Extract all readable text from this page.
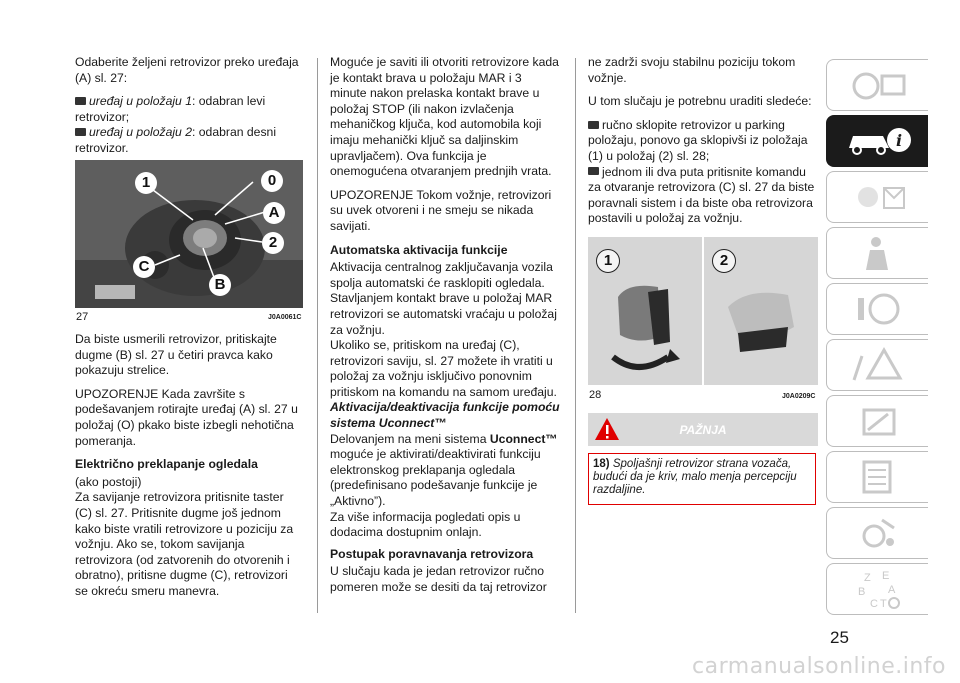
Odaberite željeni retrovizor preko uređaja (A) sl. 27:

uređaj u položaju 1: odabran levi retrovizor;

uređaj u položaju 2: odabran desni retrovizor.

1	0
A
2
C
B
27	J0A0061C

Da biste usmerili retrovizor, pritiskajte dugme (B) sl. 27 u četiri pravca kako pokazuju strelice.

UPOZORENJE Kada završite s podešavanjem rotirajte uređaj (A) sl. 27 u položaj (O) pkako biste izbegli nehotična pomeranja.

Električno preklapanje ogledala

(ako postoji)

Za savijanje retrovizora pritisnite taster (C) sl. 27. Pritisnite dugme još jednom kako biste vratili retrovizore u poziciju za vožnju. Ako se, tokom savijanja retrovizora (od zatvorenih do otvorenih i obratno), pritisne dugme (C), retrovizori se okreću smeru manevra.

Moguće je saviti ili otvoriti retrovizore kada je kontakt brava u položaju MAR i 3 minute nakon prelaska kontakt brave u položaj STOP (ili nakon izvlačenja mehaničkog ključa, kod automobila koji imaju mehanički ključ sa daljinskim upravljačem). Ova funkcija je onemogućena otvaranjem prednjih vrata.

UPOZORENJE Tokom vožnje, retrovizori su uvek otvoreni i ne smeju se nikada savijati.

Automatska aktivacija funkcije

Aktivacija centralnog zaključavanja vozila spolja automatski će rasklopiti ogledala.

Stavljanjem kontakt brave u položaj MAR retrovizori se automatski vraćaju u položaj za vožnju.

Ukoliko se, pritiskom na uređaj (C), retrovizori saviju, sl. 27 možete ih vratiti u položaj za vožnju isključivo ponovnim pritiskom na komandu na samom uređaju.

Aktivacija/deaktivacija funkcije pomoću sistema Uconnect™

Delovanjem na meni sistema Uconnect™ moguće je aktivirati/deaktivirati funkciju elektronskog preklapanja ogledala (predefinisano podešavanje funkcije je „Aktivno”).

Za više informacija pogledati opis u dodacima dostupnim onlajn.

Postupak poravnavanja retrovizora

U slučaju kada je jedan retrovizor ručno pomeren može se desiti da taj retrovizor

ne zadrži svoju stabilnu poziciju tokom vožnje.

U tom slučaju je potrebnu uraditi sledeće:

ručno sklopite retrovizor u parking položaju, ponovo ga sklopivši iz položaja (1) u položaj (2) sl. 28;

jednom ili dva puta pritisnite komandu za otvaranje retrovizora (C) sl. 27 da biste poravnali sistem i da biste oba retrovizora postavili u položaj za vožnju.

1	2
28	J0A0209C
PAŽNJA
18) Spoljašnji retrovizor strana vozača, budući da je kriv, malo menja percepciju razdaljine.
i
Z E
B A
C T
25
carmanualsonline.info
